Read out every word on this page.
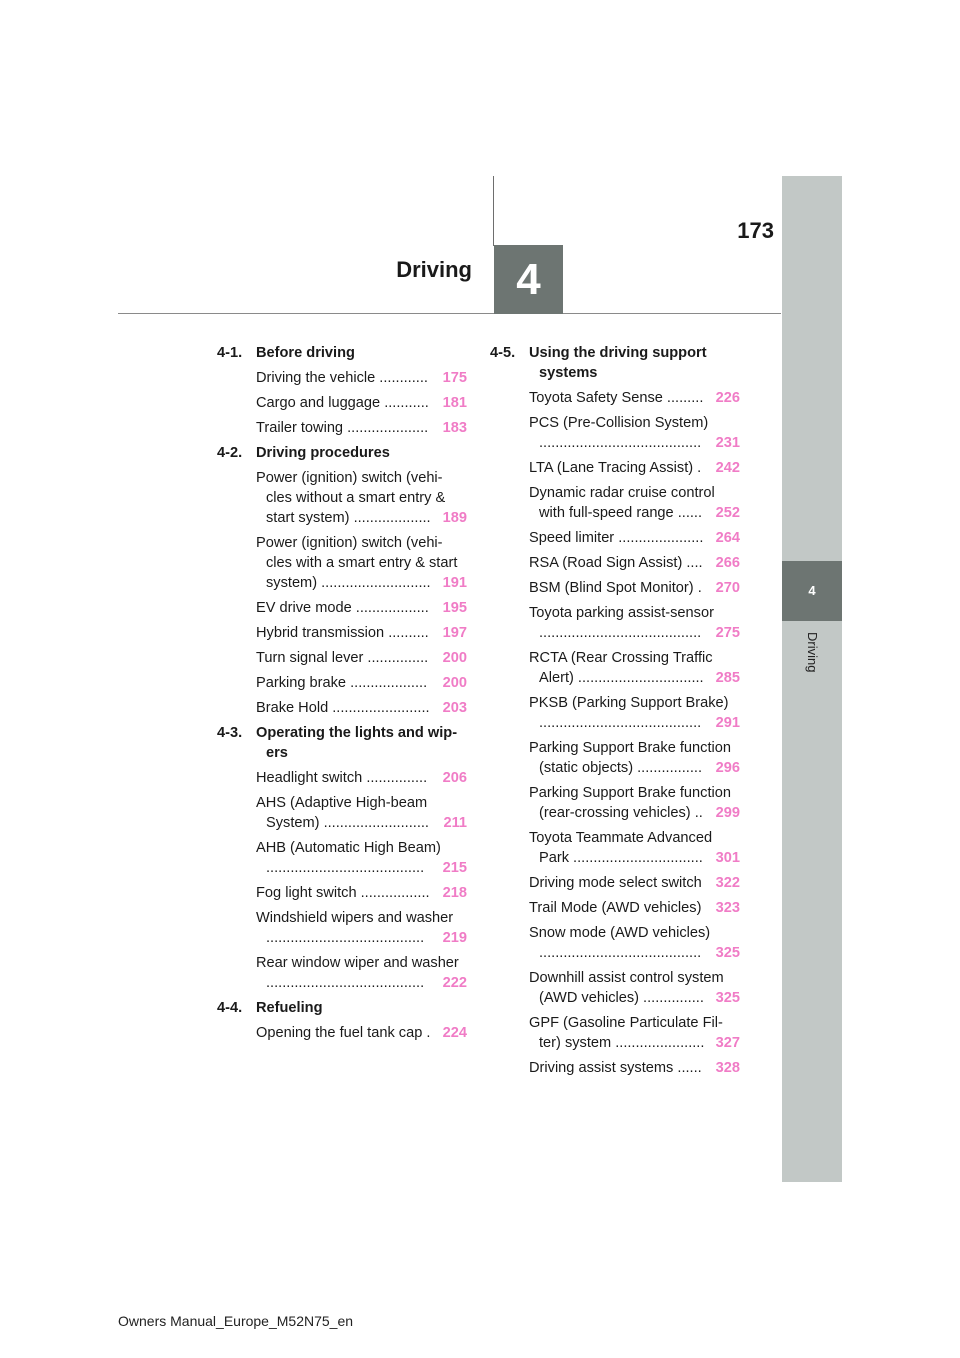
173
Driving	4
4
Driving
4-1. Before driving
Driving the vehicle ............	175
Cargo and luggage ........... 181
Trailer towing .................... 183
4-2. Driving procedures
Power (ignition) switch (vehi-
cles without a smart entry &
start system) ................... 189
Power (ignition) switch (vehi-
cles with a smart entry & start
system) ........................... 191
EV drive mode .................. 195
Hybrid transmission .......... 197
Turn signal lever ............... 200
Parking brake ...................	200
Brake Hold ........................ 203
4-3. Operating the lights and wip-
ers
Headlight switch ...............	206
AHS (Adaptive High-beam
System) .......................... 211
AHB (Automatic High Beam)
.......................................	215
Fog light switch ................. 218
Windshield wipers and washer
.......................................	219
Rear window wiper and washer
.......................................	222
4-4. Refueling
Opening the fuel tank cap . 224
4-5. Using the driving support
systems
Toyota Safety Sense ......... 226
PCS (Pre-Collision System)
........................................ 231
LTA (Lane Tracing Assist) . 242
Dynamic radar cruise control
with full-speed range ...... 252
Speed limiter ..................... 264
RSA (Road Sign Assist) .... 266
BSM (Blind Spot Monitor) . 270
Toyota parking assist-sensor
........................................ 275
RCTA (Rear Crossing Traffic
Alert) ............................... 285
PKSB (Parking Support Brake)
........................................ 291
Parking Support Brake function
(static objects) ................ 296
Parking Support Brake function
(rear-crossing vehicles) .. 299
Toyota Teammate Advanced
Park ................................ 301
Driving mode select switch 322
Trail Mode (AWD vehicles) 323
Snow mode (AWD vehicles)
........................................ 325
Downhill assist control system
(AWD vehicles) ............... 325
GPF (Gasoline Particulate Fil-
ter) system ...................... 327
Driving assist systems ...... 328
Owners Manual_Europe_M52N75_en
